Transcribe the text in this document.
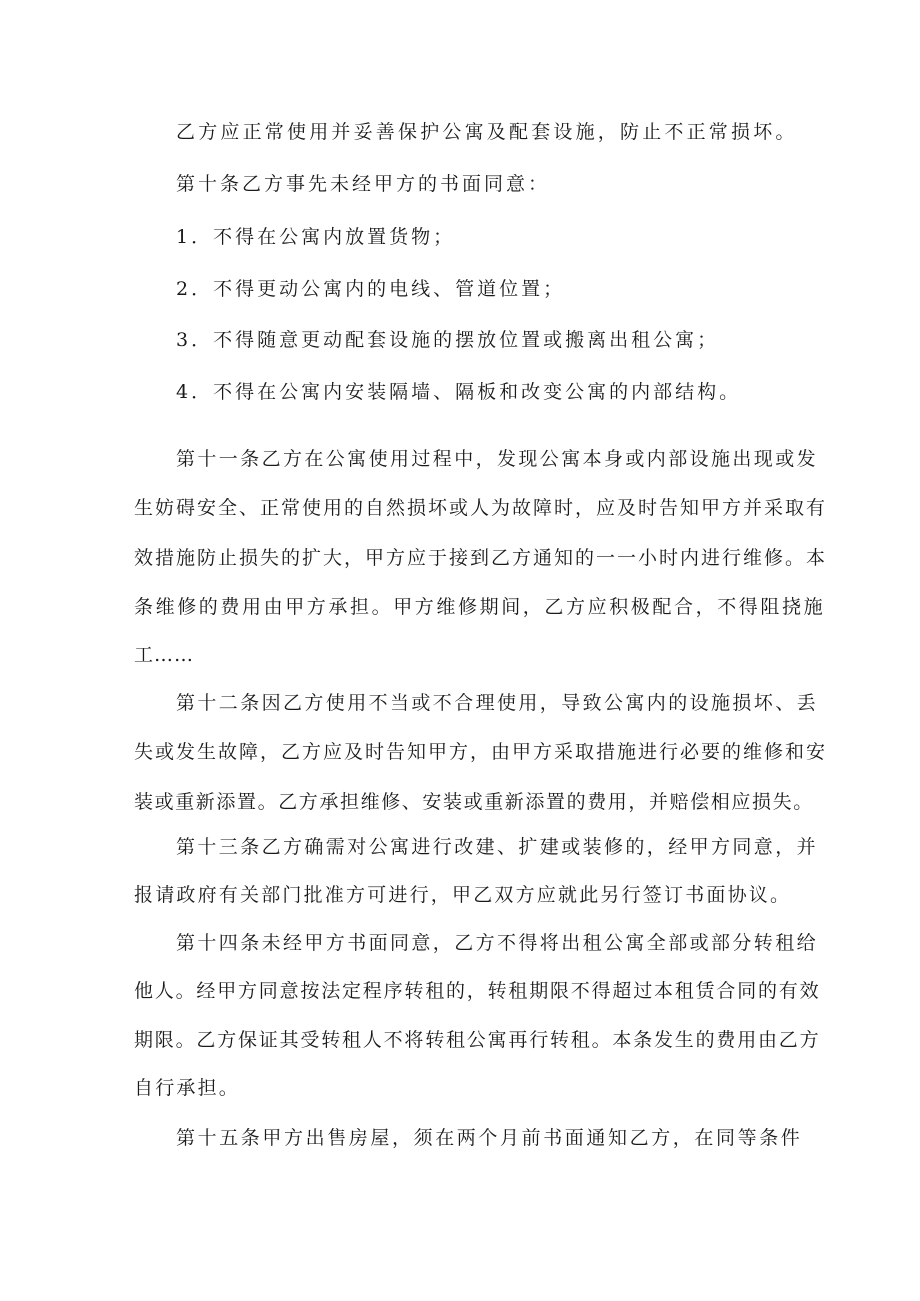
乙方应正常使用并妥善保护公寓及配套设施，防止不正常损坏。
第十条乙方事先未经甲方的书面同意：
1．不得在公寓内放置货物；
2．不得更动公寓内的电线、管道位置；
3．不得随意更动配套设施的摆放位置或搬离出租公寓；
4．不得在公寓内安装隔墙、隔板和改变公寓的内部结构。
第十一条乙方在公寓使用过程中，发现公寓本身或内部设施出现或发
生妨碍安全、正常使用的自然损坏或人为故障时，应及时告知甲方并采取有
效措施防止损失的扩大，甲方应于接到乙方通知的一一小时内进行维修。本
条维修的费用由甲方承担。甲方维修期间，乙方应积极配合，不得阻挠施
工……
第十二条因乙方使用不当或不合理使用，导致公寓内的设施损坏、丢
失或发生故障，乙方应及时告知甲方，由甲方采取措施进行必要的维修和安
装或重新添置。乙方承担维修、安装或重新添置的费用，并赔偿相应损失。
第十三条乙方确需对公寓进行改建、扩建或装修的，经甲方同意，并
报请政府有关部门批准方可进行，甲乙双方应就此另行签订书面协议。
第十四条未经甲方书面同意，乙方不得将出租公寓全部或部分转租给
他人。经甲方同意按法定程序转租的，转租期限不得超过本租赁合同的有效
期限。乙方保证其受转租人不将转租公寓再行转租。本条发生的费用由乙方
自行承担。
第十五条甲方出售房屋，须在两个月前书面通知乙方，在同等条件
